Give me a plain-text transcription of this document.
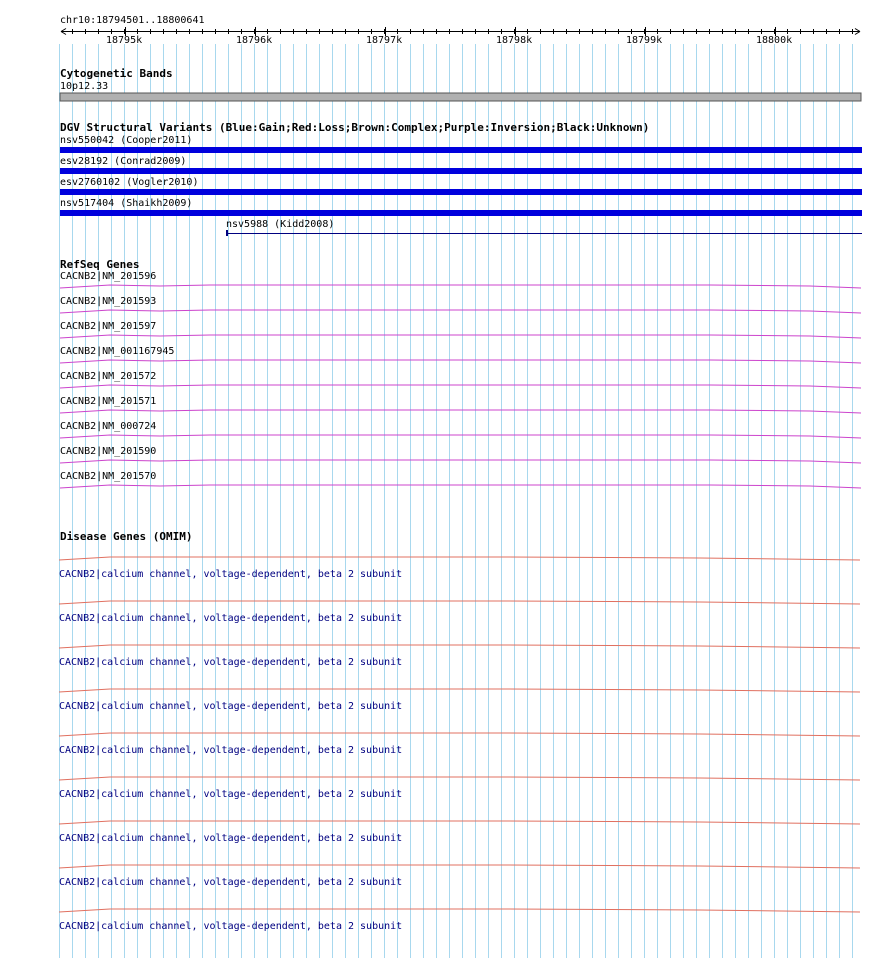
chr10:18794501..18800641
18795k	18796k	18797k	18798k	18799k	18800k
Cytogenetic Bands
10p12.33
DGV Structural Variants (Blue:Gain;Red:Loss;Brown:Complex;Purple:Inversion;Black:Unknown)
nsv550042 (Cooper2011)
esv28192 (Conrad2009)
esv2760102 (Vogler2010)
nsv517404 (Shaikh2009)
nsv5988 (Kidd2008)
RefSeq Genes
CACNB2|NM_201596
CACNB2|NM_201593
CACNB2|NM_201597
CACNB2|NM_001167945
CACNB2|NM_201572
CACNB2|NM_201571
CACNB2|NM_000724
CACNB2|NM_201590
CACNB2|NM_201570
Disease Genes (OMIM)
CACNB2|calcium channel, voltage-dependent, beta 2 subunit
CACNB2|calcium channel, voltage-dependent, beta 2 subunit
CACNB2|calcium channel, voltage-dependent, beta 2 subunit
CACNB2|calcium channel, voltage-dependent, beta 2 subunit
CACNB2|calcium channel, voltage-dependent, beta 2 subunit
CACNB2|calcium channel, voltage-dependent, beta 2 subunit
CACNB2|calcium channel, voltage-dependent, beta 2 subunit
CACNB2|calcium channel, voltage-dependent, beta 2 subunit
CACNB2|calcium channel, voltage-dependent, beta 2 subunit
